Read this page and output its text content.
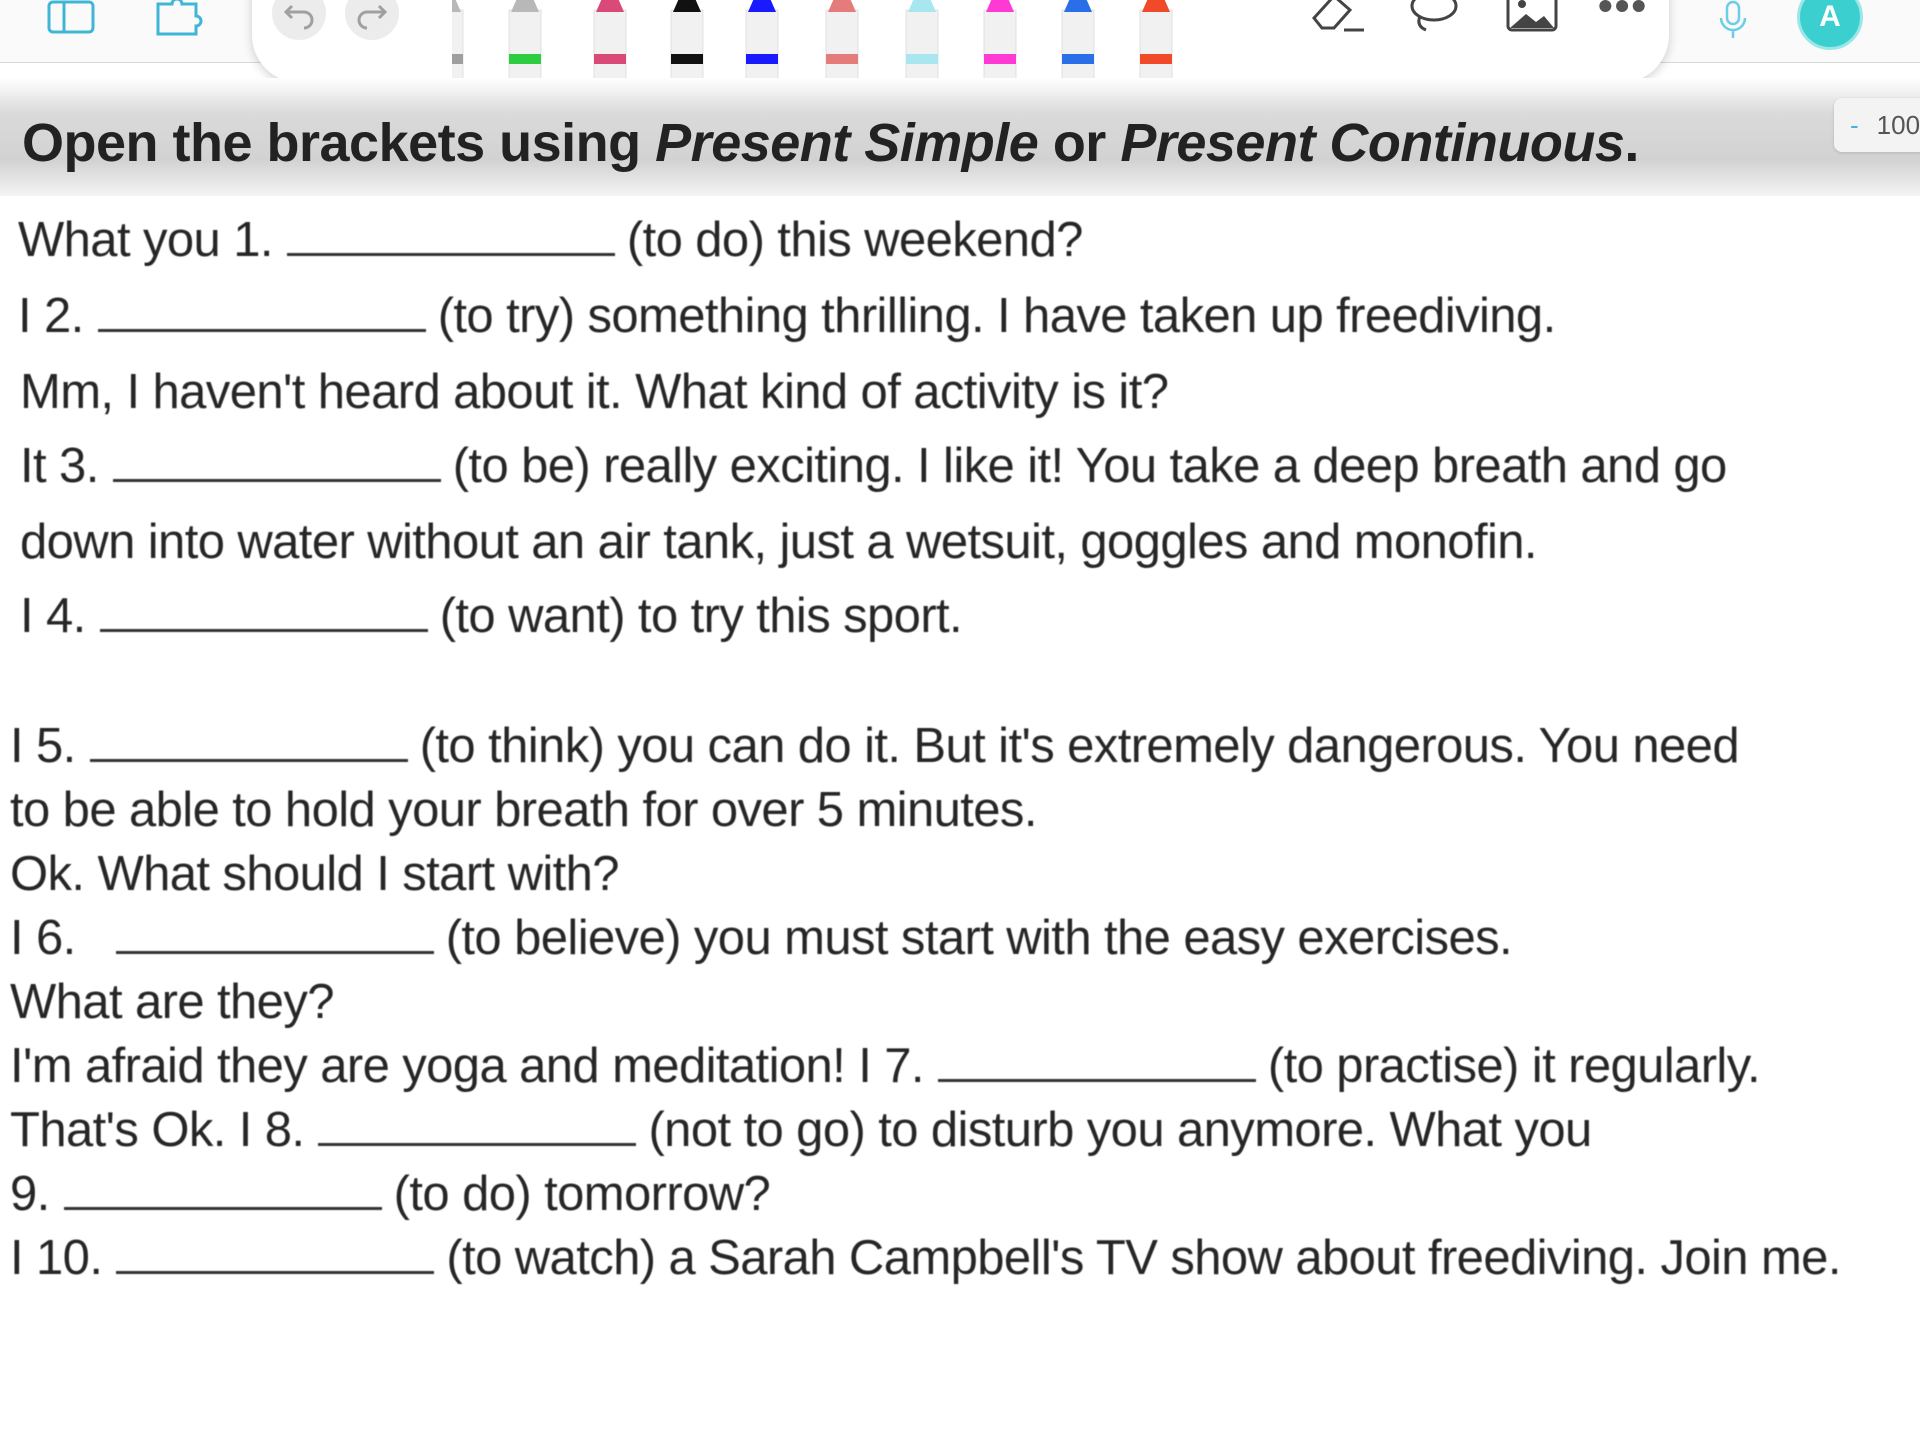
•••	A
- 100
Open the brackets using Present Simple or Present Continuous.
What you 1.	(to do) this weekend?
I 2.	(to try) something thrilling. I have taken up freediving.
Mm, I haven't heard about it. What kind of activity is it?
It 3.	(to be) really exciting. I like it! You take a deep breath and go
down into water without an air tank, just a wetsuit, goggles and monofin.
I 4.	(to want) to try this sport.
I 5.	(to think) you can do it. But it's extremely dangerous. You need
to be able to hold your breath for over 5 minutes.
Ok. What should I start with?
I 6.	(to believe) you must start with the easy exercises.
What are they?
I'm afraid they are yoga and meditation! I 7.	(to practise) it regularly.
That's Ok. I 8.	(not to go) to disturb you anymore. What you
9.	(to do) tomorrow?
I 10.	(to watch) a Sarah Campbell's TV show about freediving. Join me.
